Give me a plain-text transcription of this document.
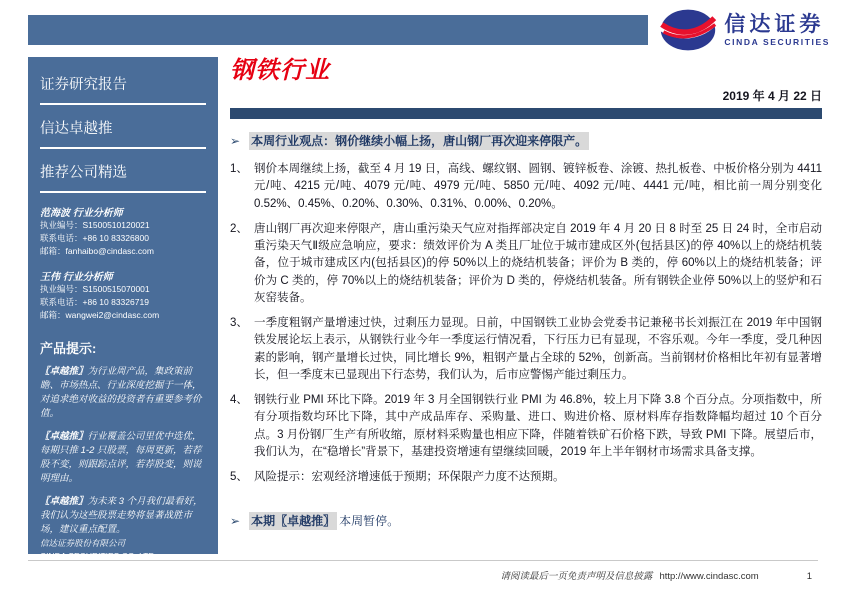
信达证券
CINDA SECURITIES
证券研究报告
信达卓越推
推荐公司精选
范海波 行业分析师
执业编号：S1500510120021
联系电话：+86 10 83326800
邮箱：fanhaibo@cindasc.com
王伟 行业分析师
执业编号：S1500515070001
联系电话：+86 10 83326719
邮箱：wangwei2@cindasc.com
产品提示:
〖卓越推〗为行业周产品，集政策前瞻、市场热点、行业深度挖掘于一体，对追求绝对收益的投资者有重要参考价值。
〖卓越推〗行业覆盖公司里优中选优，每期只推 1-2 只股票，每周更新，若荐股不变，则跟踪点评，若荐股变，则说明理由。
〖卓越推〗为未来 3 个月我们最看好，我们认为这些股票走势将显著战胜市场，建议重点配置。
信达证券股份有限公司
CINDA SECURITIES CO.,LTD
北京市西城区闹市口大街 9 号院 1 号楼
邮编： 100031
钢铁行业
2019 年 4 月 22 日
➢ 本周行业观点：钢价继续小幅上扬，唐山钢厂再次迎来停限产。
1、 钢价本周继续上扬，截至 4 月 19 日，高线、螺纹钢、圆钢、镀锌板卷、涂镀、热扎板卷、中板价格分别为 4411 元/吨、4215 元/吨、4079 元/吨、4979 元/吨、5850 元/吨、4092 元/吨、4441 元/吨，相比前一周分别变化 0.52%、0.45%、0.20%、0.30%、0.31%、0.00%、0.20%。
2、 唐山钢厂再次迎来停限产，唐山重污染天气应对指挥部决定自 2019 年 4 月 20 日 8 时至 25 日 24 时，全市启动重污染天气Ⅱ级应急响应，要求：绩效评价为 A 类且厂址位于城市建成区外(包括县区)的停 40%以上的烧结机装备，位于城市建成区内(包括县区)的停 50%以上的烧结机装备；评价为 B 类的，停 60%以上的烧结机装备；评价为 C 类的，停 70%以上的烧结机装备；评价为 D 类的，停烧结机装备。所有钢铁企业停 50%以上的竖炉和石灰窑装备。
3、 一季度粗钢产量增速过快，过剩压力显现。日前，中国钢铁工业协会党委书记兼秘书长刘振江在 2019 年中国钢铁发展论坛上表示，从钢铁行业今年一季度运行情况看，下行压力已有显现，不容乐观。今年一季度，受几种因素的影响，钢产量增长过快，同比增长 9%，粗钢产量占全球的 52%，创新高。当前钢材价格相比年初有显著增长，但一季度末已显现出下行态势，我们认为，后市应警惕产能过剩压力。
4、 钢铁行业 PMI 环比下降。2019 年 3 月全国钢铁行业 PMI 为 46.8%，较上月下降 3.8 个百分点。分项指数中，所有分项指数均环比下降，其中产成品库存、采购量、进口、购进价格、原材料库存指数降幅均超过 10 个百分点。3 月份钢厂生产有所收缩，原材料采购量也相应下降，伴随着铁矿石价格下跌，导致 PMI 下降。展望后市，我们认为，在“稳增长”背景下，基建投资增速有望继续回暖，2019 年上半年钢材市场需求具备支撑。
5、 风险提示：宏观经济增速低于预期；环保限产力度不达预期。
➢ 本期〖卓越推〗 本周暂停。
请阅读最后一页免责声明及信息披露 http://www.cindasc.com	1
